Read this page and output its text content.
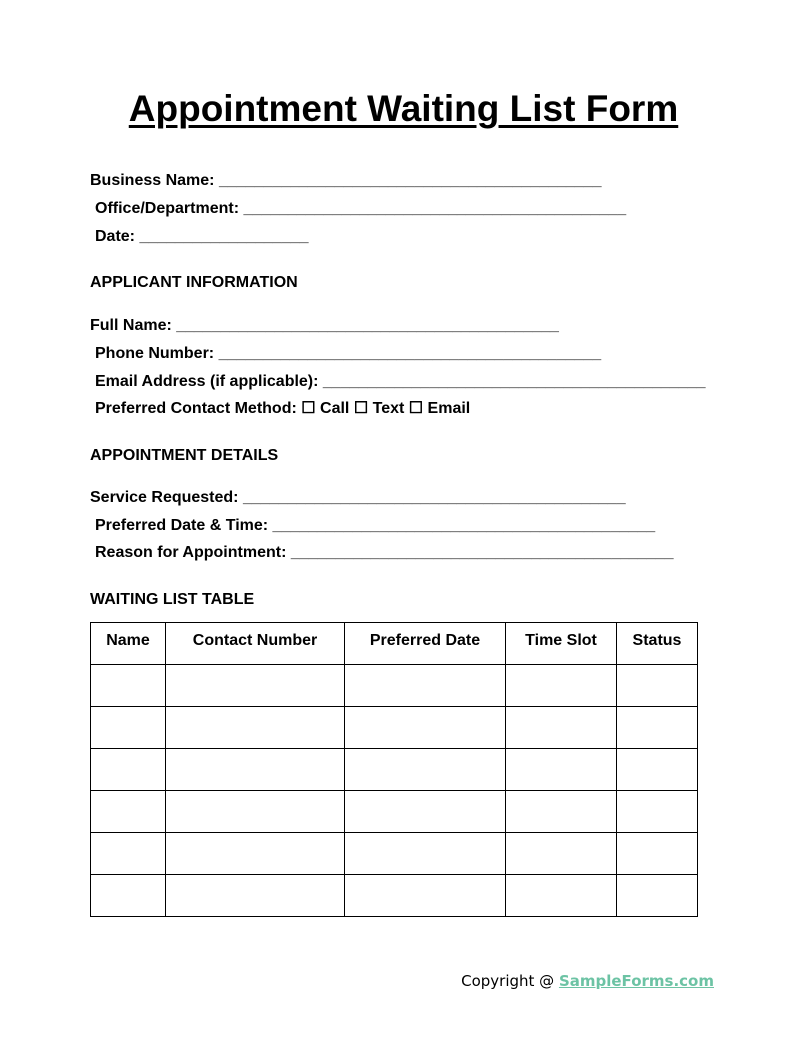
Appointment Waiting List Form
Business Name: ___________________________________________
Office/Department: ___________________________________________
Date: ___________________
APPLICANT INFORMATION
Full Name: ___________________________________________
Phone Number: ___________________________________________
Email Address (if applicable): ___________________________________________
Preferred Contact Method: ☐ Call ☐ Text ☐ Email
APPOINTMENT DETAILS
Service Requested: ___________________________________________
Preferred Date & Time: ___________________________________________
Reason for Appointment: ___________________________________________
WAITING LIST TABLE
Name	Contact Number	Preferred Date	Time Slot	Status

Copyright @ SampleForms.com
